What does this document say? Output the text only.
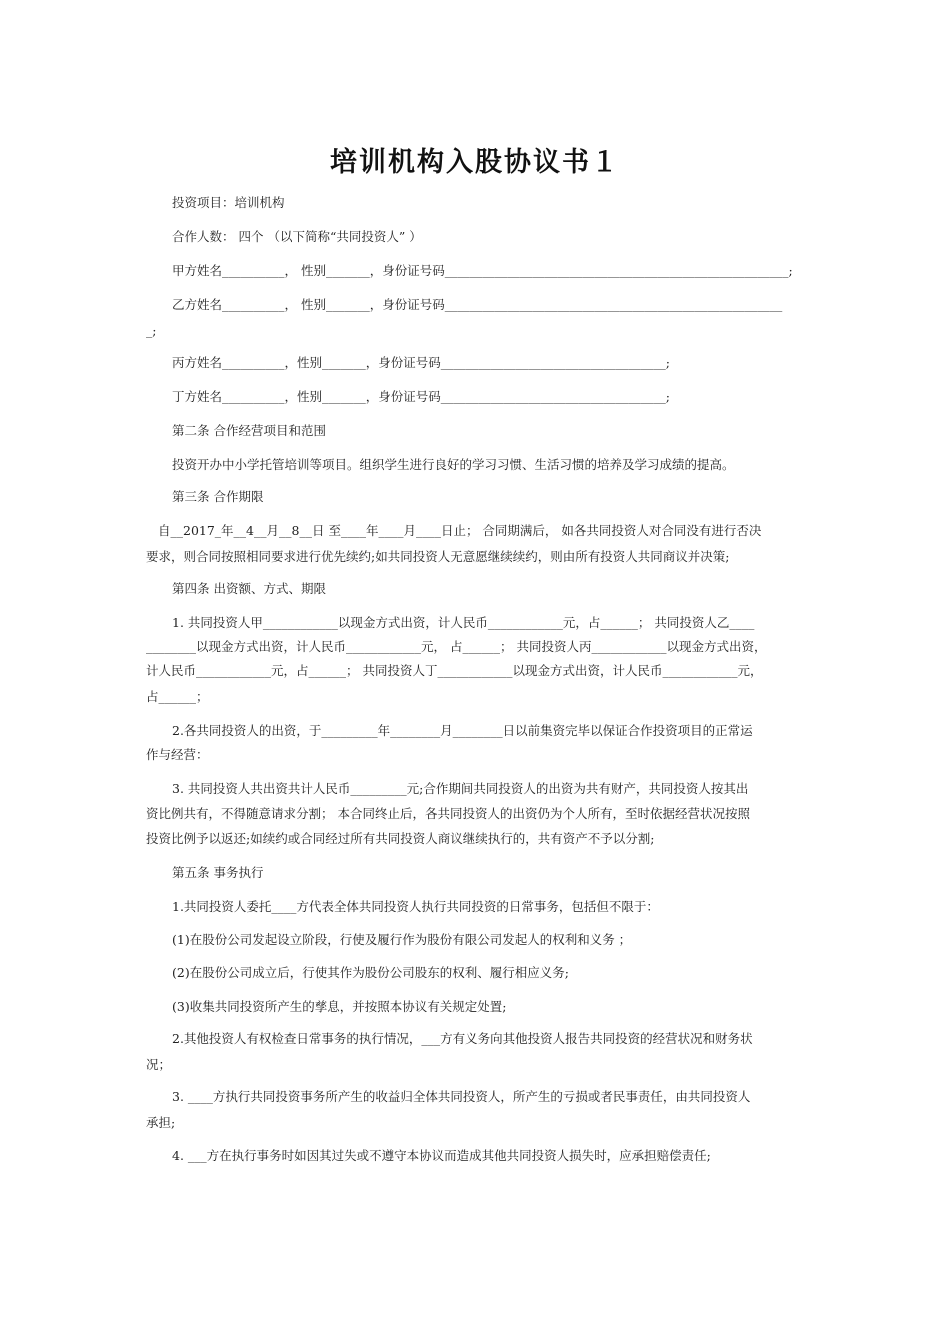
培训机构入股协议书１
投资项目：培训机构
合作人数： 四个 （以下简称“共同投资人” ）
甲方姓名__________， 性别_______，身份证号码_______________________________________________________;
乙方姓名__________， 性别_______，身份证号码______________________________________________________
_;
丙方姓名__________，性别_______，身份证号码____________________________________;
丁方姓名__________，性别_______，身份证号码____________________________________;
第二条 合作经营项目和范围
投资开办中小学托管培训等项目。组织学生进行良好的学习习惯、生活习惯的培养及学习成绩的提高。
第三条 合作期限
自__2017_年__4__月__8__日 至____年____月____日止； 合同期满后， 如各共同投资人对合同没有进行否决
要求，则合同按照相同要求进行优先续约;如共同投资人无意愿继续续约，则由所有投资人共同商议并决策;
第四条 出资额、方式、期限
1. 共同投资人甲____________以现金方式出资，计人民币____________元，占______； 共同投资人乙____
________以现金方式出资，计人民币____________元， 占______； 共同投资人丙____________以现金方式出资，
计人民币____________元，占______； 共同投资人丁____________以现金方式出资，计人民币____________元，
占______；
2.各共同投资人的出资，于_________年________月________日以前集资完毕以保证合作投资项目的正常运
作与经营：
3. 共同投资人共出资共计人民币_________元;合作期间共同投资人的出资为共有财产，共同投资人按其出
资比例共有，不得随意请求分割； 本合同终止后，各共同投资人的出资仍为个人所有，至时依据经营状况按照
投资比例予以返还;如续约或合同经过所有共同投资人商议继续执行的，共有资产不予以分割;
第五条 事务执行
1.共同投资人委托____方代表全体共同投资人执行共同投资的日常事务，包括但不限于：
(1)在股份公司发起设立阶段，行使及履行作为股份有限公司发起人的权利和义务 ；
(2)在股份公司成立后，行使其作为股份公司股东的权利、履行相应义务;
(3)收集共同投资所产生的孳息，并按照本协议有关规定处置;
2.其他投资人有权检查日常事务的执行情况，___方有义务向其他投资人报告共同投资的经营状况和财务状
况；
3. ____方执行共同投资事务所产生的收益归全体共同投资人，所产生的亏损或者民事责任，由共同投资人
承担;
4. ___方在执行事务时如因其过失或不遵守本协议而造成其他共同投资人损失时，应承担赔偿责任;
